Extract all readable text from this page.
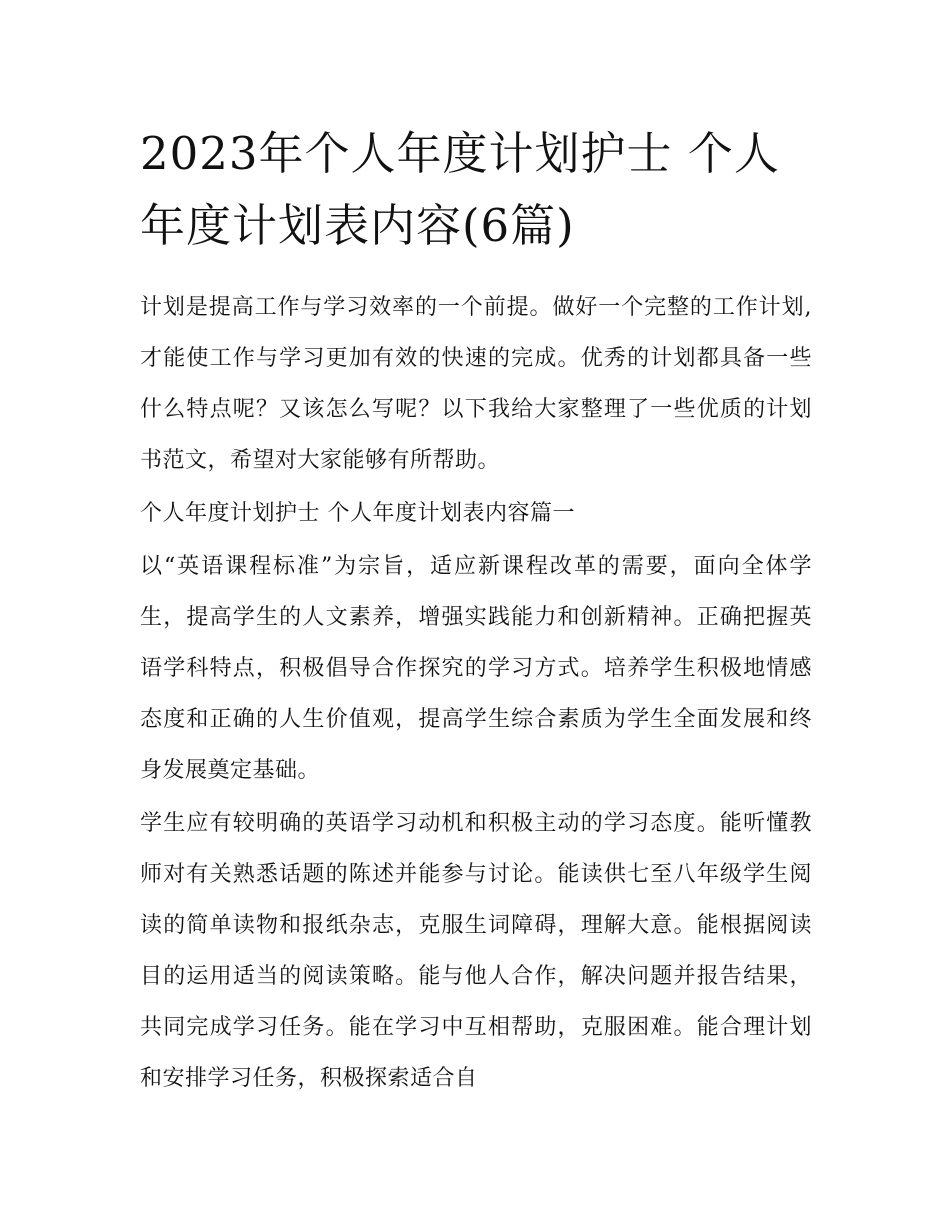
2023年个人年度计划护士 个人年度计划表内容(6篇)

计划是提高工作与学习效率的一个前提。做好一个完整的工作计划,才能使工作与学习更加有效的快速的完成。优秀的计划都具备一些什么特点呢？又该怎么写呢？以下我给大家整理了一些优质的计划书范文，希望对大家能够有所帮助。

个人年度计划护士 个人年度计划表内容篇一

以“英语课程标准”为宗旨，适应新课程改革的需要，面向全体学生，提高学生的人文素养，增强实践能力和创新精神。正确把握英语学科特点，积极倡导合作探究的学习方式。培养学生积极地情感态度和正确的人生价值观，提高学生综合素质为学生全面发展和终身发展奠定基础。

学生应有较明确的英语学习动机和积极主动的学习态度。能听懂教师对有关熟悉话题的陈述并能参与讨论。能读供七至八年级学生阅读的简单读物和报纸杂志，克服生词障碍，理解大意。能根据阅读目的运用适当的阅读策略。能与他人合作，解决问题并报告结果，共同完成学习任务。能在学习中互相帮助，克服困难。能合理计划和安排学习任务，积极探索适合自
